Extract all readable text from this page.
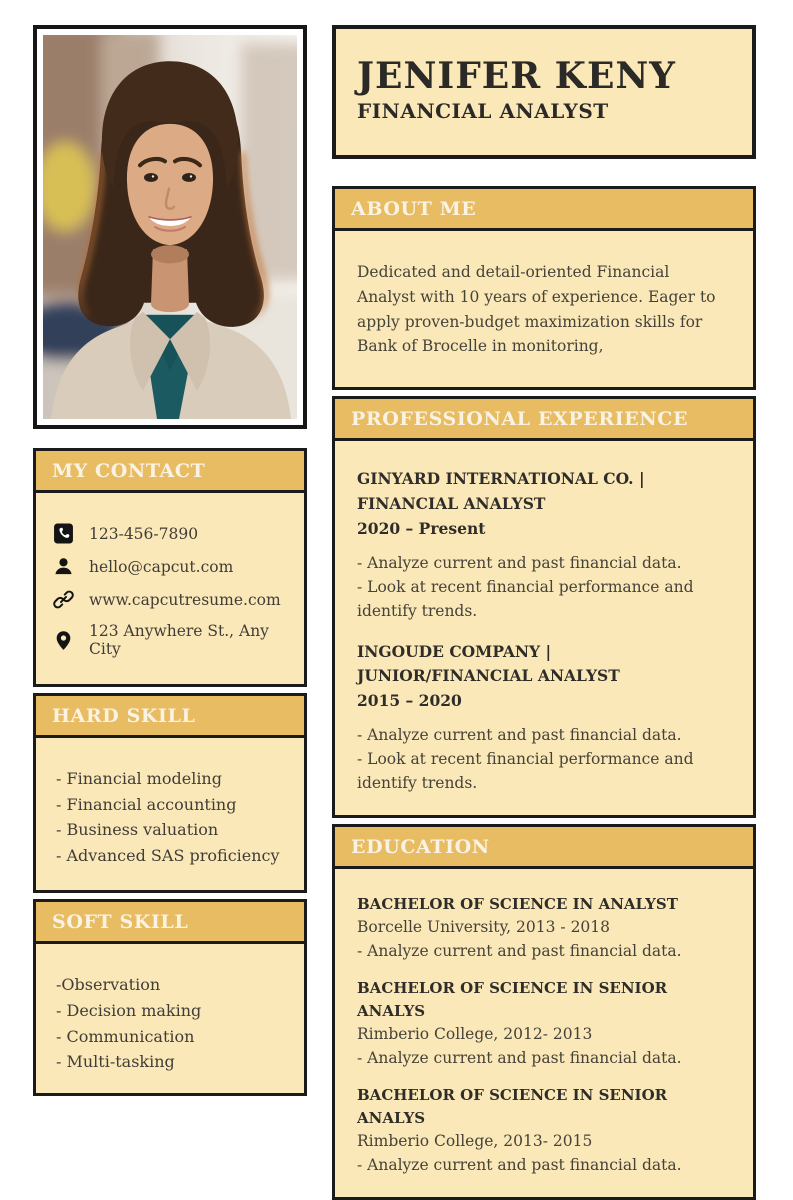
MY CONTACT
123-456-7890
hello@capcut.com
www.capcutresume.com
123 Anywhere St., Any City
HARD SKILL
- Financial modeling
- Financial accounting
- Business valuation
- Advanced SAS proficiency
SOFT SKILL
-Observation
- Decision making
- Communication
- Multi-tasking
JENIFER KENY
FINANCIAL ANALYST
ABOUT ME

Dedicated and detail-oriented Financial Analyst with 10 years of experience. Eager to apply proven-budget maximization skills for Bank of Brocelle in monitoring,

PROFESSIONAL EXPERIENCE
GINYARD INTERNATIONAL CO. | FINANCIAL ANALYST
2020 – Present
- Analyze current and past financial data.
- Look at recent financial performance and identify trends.
INGOUDE COMPANY | JUNIOR/FINANCIAL ANALYST
2015 – 2020
- Analyze current and past financial data.
- Look at recent financial performance and identify trends.
EDUCATION
BACHELOR OF SCIENCE IN ANALYST
Borcelle University, 2013 - 2018
- Analyze current and past financial data.
BACHELOR OF SCIENCE IN SENIOR ANALYS
Rimberio College, 2012- 2013
- Analyze current and past financial data.
BACHELOR OF SCIENCE IN SENIOR ANALYS
Rimberio College, 2013- 2015
- Analyze current and past financial data.
